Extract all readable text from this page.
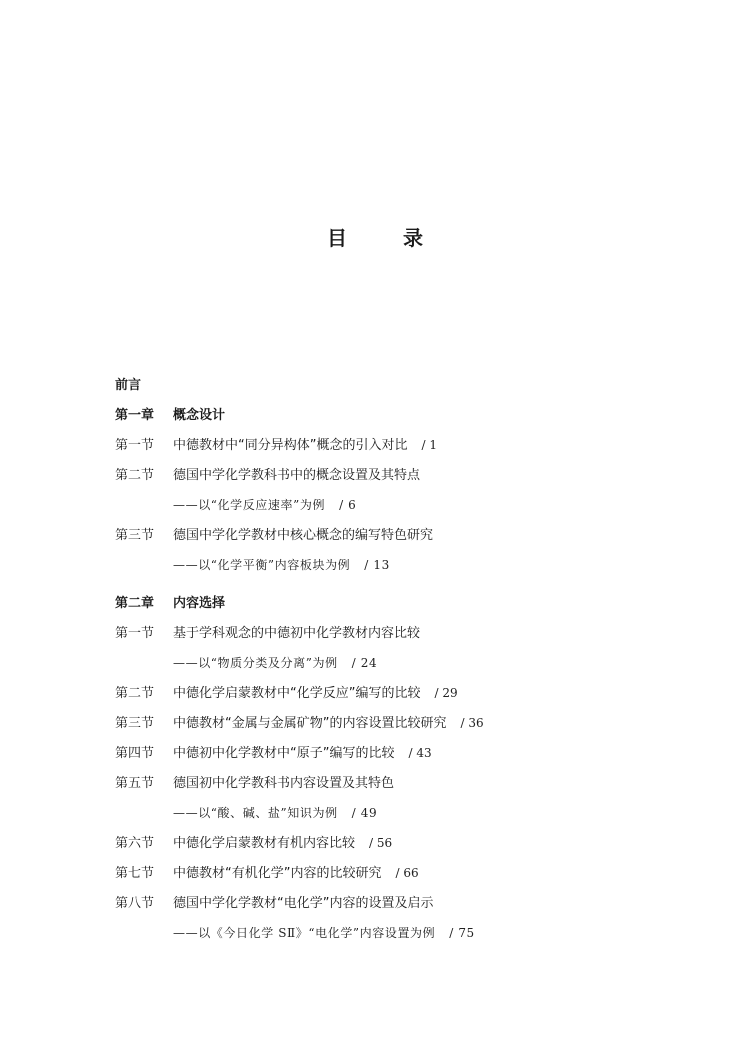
目　录
前言
第一章 概念设计
第一节 中德教材中“同分异构体”概念的引入对比 / 1
第二节 德国中学化学教科书中的概念设置及其特点
——以“化学反应速率”为例 / 6
第三节 德国中学化学教材中核心概念的编写特色研究
——以“化学平衡”内容板块为例 / 13
第二章 内容选择
第一节 基于学科观念的中德初中化学教材内容比较
——以“物质分类及分离”为例 / 24
第二节 中德化学启蒙教材中“化学反应”编写的比较 / 29
第三节 中德教材“金属与金属矿物”的内容设置比较研究 / 36
第四节 中德初中化学教材中“原子”编写的比较 / 43
第五节 德国初中化学教科书内容设置及其特色
——以“酸、碱、盐”知识为例 / 49
第六节 中德化学启蒙教材有机内容比较 / 56
第七节 中德教材“有机化学”内容的比较研究 / 66
第八节 德国中学化学教材“电化学”内容的设置及启示
——以《今日化学 SⅡ》“电化学”内容设置为例 / 75
